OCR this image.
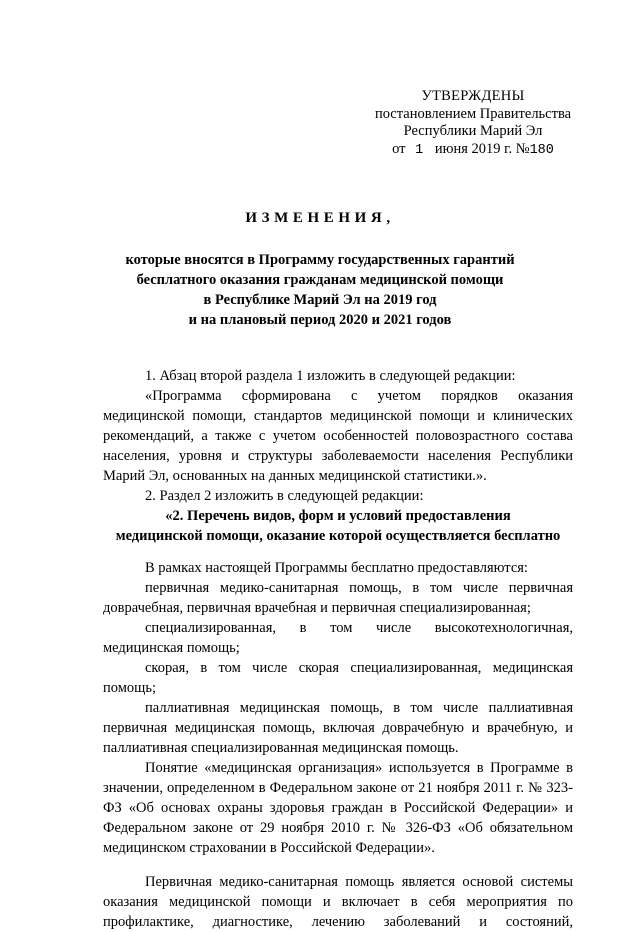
УТВЕРЖДЕНЫ
постановлением Правительства
Республики Марий Эл
от 1 июня 2019 г. №180
ИЗМЕНЕНИЯ,
которые вносятся в Программу государственных гарантий
бесплатного оказания гражданам медицинской помощи
в Республике Марий Эл на 2019 год
и на плановый период 2020 и 2021 годов

1. Абзац второй раздела 1 изложить в следующей редакции:

«Программа сформирована с учетом порядков оказания медицинской помощи, стандартов медицинской помощи и клинических рекомендаций, а также с учетом особенностей половозрастного состава населения, уровня и структуры заболеваемости населения Республики Марий Эл, основанных на данных медицинской статистики.».

2. Раздел 2 изложить в следующей редакции:

«2. Перечень видов, форм и условий предоставления

медицинской помощи, оказание которой осуществляется бесплатно

В рамках настоящей Программы бесплатно предоставляются:

первичная медико-санитарная помощь, в том числе первичная доврачебная, первичная врачебная и первичная специализированная;

специализированная, в том числе высокотехнологичная, медицинская помощь;

скорая, в том числе скорая специализированная, медицинская помощь;

паллиативная медицинская помощь, в том числе паллиативная первичная медицинская помощь, включая доврачебную и врачебную, и паллиативная специализированная медицинская помощь.

Понятие «медицинская организация» используется в Программе в значении, определенном в Федеральном законе от 21 ноября 2011 г. № 323-ФЗ «Об основах охраны здоровья граждан в Российской Федерации» и Федеральном законе от 29 ноября 2010 г. № 326-ФЗ «Об обязательном медицинском страховании в Российской Федерации».

Первичная медико-санитарная помощь является основой системы оказания медицинской помощи и включает в себя мероприятия по профилактике, диагностике, лечению заболеваний и состояний,
